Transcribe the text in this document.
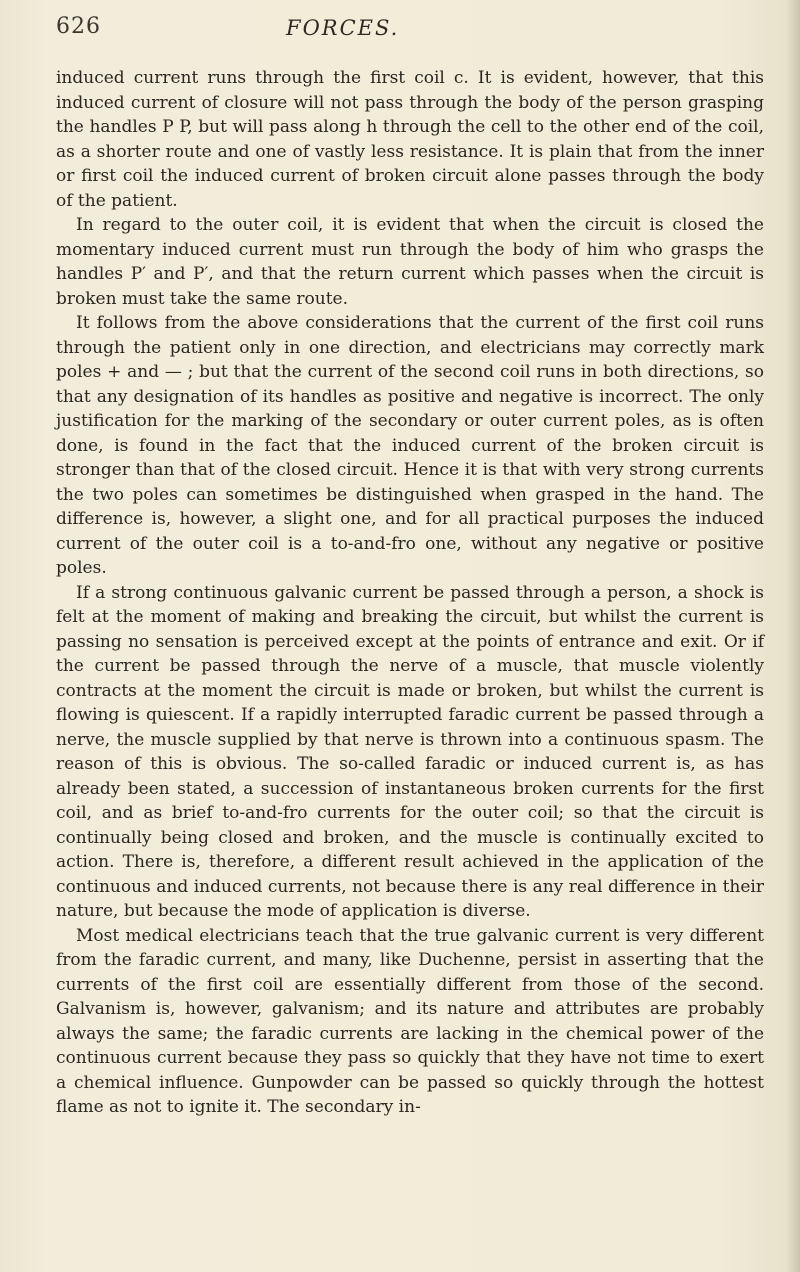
626	FORCES.

induced current runs through the first coil c. It is evident, however, that this induced current of closure will not pass through the body of the person grasping the handles P P, but will pass along h through the cell to the other end of the coil, as a shorter route and one of vastly less resistance. It is plain that from the inner or first coil the induced current of broken circuit alone passes through the body of the patient.

In regard to the outer coil, it is evident that when the circuit is closed the momentary induced current must run through the body of him who grasps the handles P′ and P′, and that the return current which passes when the circuit is broken must take the same route.

It follows from the above considerations that the current of the first coil runs through the patient only in one direction, and electricians may correctly mark poles + and — ; but that the current of the second coil runs in both directions, so that any designation of its handles as positive and negative is incorrect. The only justification for the marking of the secondary or outer current poles, as is often done, is found in the fact that the induced current of the broken circuit is stronger than that of the closed circuit. Hence it is that with very strong currents the two poles can sometimes be distinguished when grasped in the hand. The difference is, however, a slight one, and for all practical purposes the induced current of the outer coil is a to-and-fro one, without any negative or positive poles.

If a strong continuous galvanic current be passed through a person, a shock is felt at the moment of making and breaking the circuit, but whilst the current is passing no sensation is perceived except at the points of entrance and exit. Or if the current be passed through the nerve of a muscle, that muscle violently contracts at the moment the circuit is made or broken, but whilst the current is flowing is quiescent. If a rapidly interrupted faradic current be passed through a nerve, the muscle supplied by that nerve is thrown into a continuous spasm. The reason of this is obvious. The so-called faradic or induced current is, as has already been stated, a succession of instantaneous broken currents for the first coil, and as brief to-and-fro currents for the outer coil; so that the circuit is continually being closed and broken, and the muscle is continually excited to action. There is, therefore, a different result achieved in the application of the continuous and induced currents, not because there is any real difference in their nature, but because the mode of application is diverse.

Most medical electricians teach that the true galvanic current is very different from the faradic current, and many, like Duchenne, persist in asserting that the currents of the first coil are essentially different from those of the second. Galvanism is, however, galvanism; and its nature and attributes are probably always the same; the faradic currents are lacking in the chemical power of the continuous current because they pass so quickly that they have not time to exert a chemical influence. Gunpowder can be passed so quickly through the hottest flame as not to ignite it. The secondary in-
